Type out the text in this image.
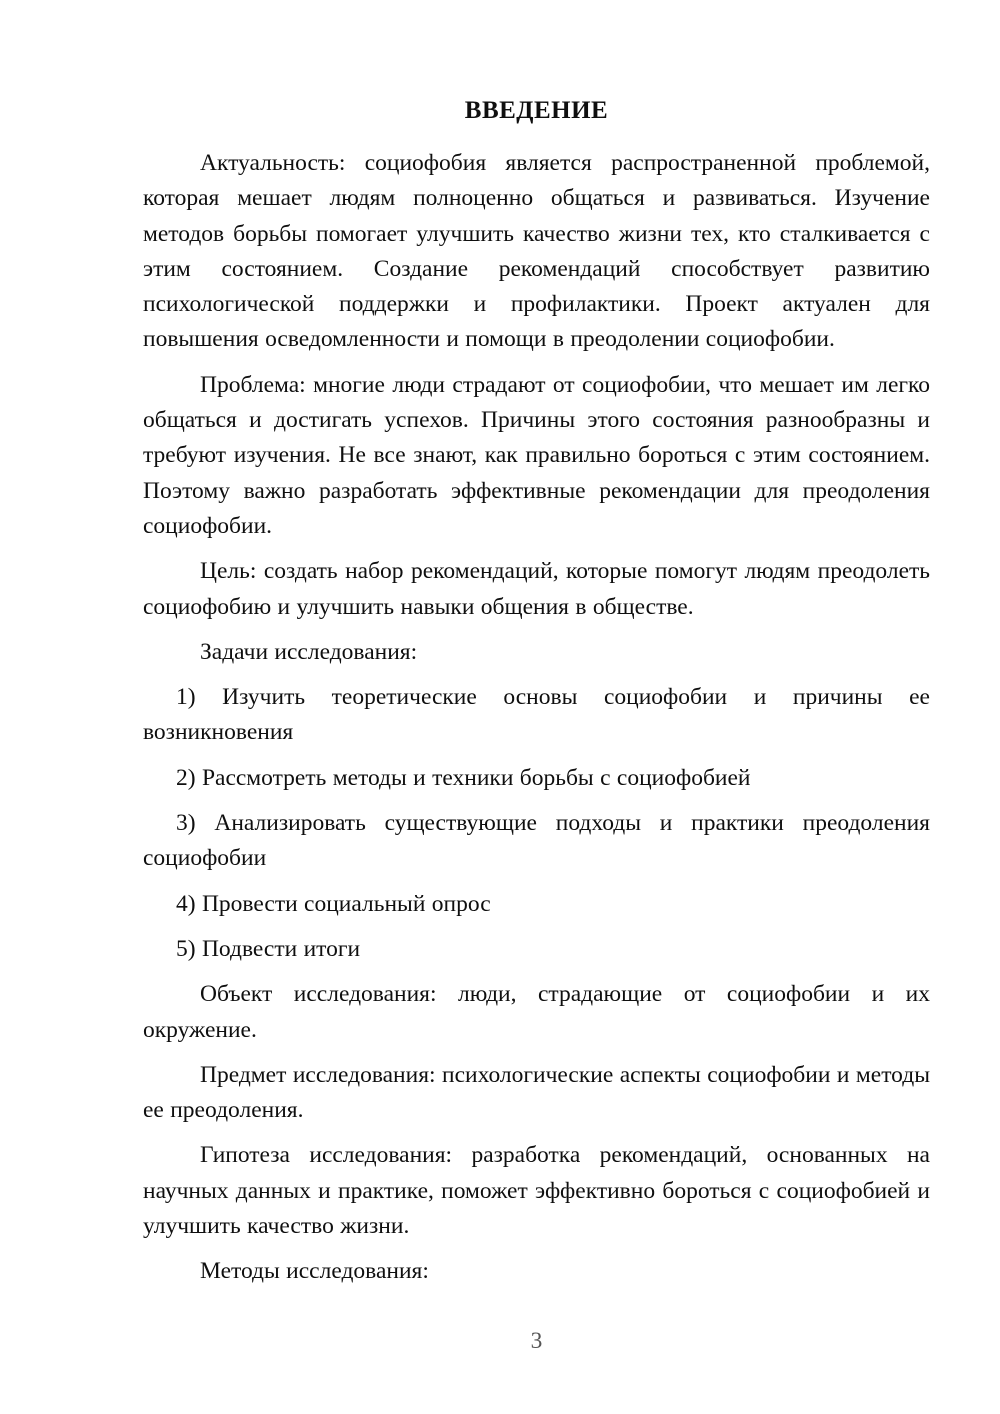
ВВЕДЕНИЕ

Актуальность: социофобия является распространенной проблемой, которая мешает людям полноценно общаться и развиваться. Изучение методов борьбы помогает улучшить качество жизни тех, кто сталкивается с этим состоянием. Создание рекомендаций способствует развитию психологической поддержки и профилактики. Проект актуален для повышения осведомленности и помощи в преодолении социофобии.

Проблема: многие люди страдают от социофобии, что мешает им легко общаться и достигать успехов. Причины этого состояния разнообразны и требуют изучения. Не все знают, как правильно бороться с этим состоянием. Поэтому важно разработать эффективные рекомендации для преодоления социофобии.

Цель: создать набор рекомендаций, которые помогут людям преодолеть социофобию и улучшить навыки общения в обществе.

Задачи исследования:

1) Изучить теоретические основы социофобии и причины ее возникновения

2) Рассмотреть методы и техники борьбы с социофобией

3) Анализировать существующие подходы и практики преодоления социофобии

4) Провести социальный опрос

5) Подвести итоги

Объект исследования: люди, страдающие от социофобии и их окружение.

Предмет исследования: психологические аспекты социофобии и методы ее преодоления.

Гипотеза исследования: разработка рекомендаций, основанных на научных данных и практике, поможет эффективно бороться с социофобией и улучшить качество жизни.

Методы исследования:

3
